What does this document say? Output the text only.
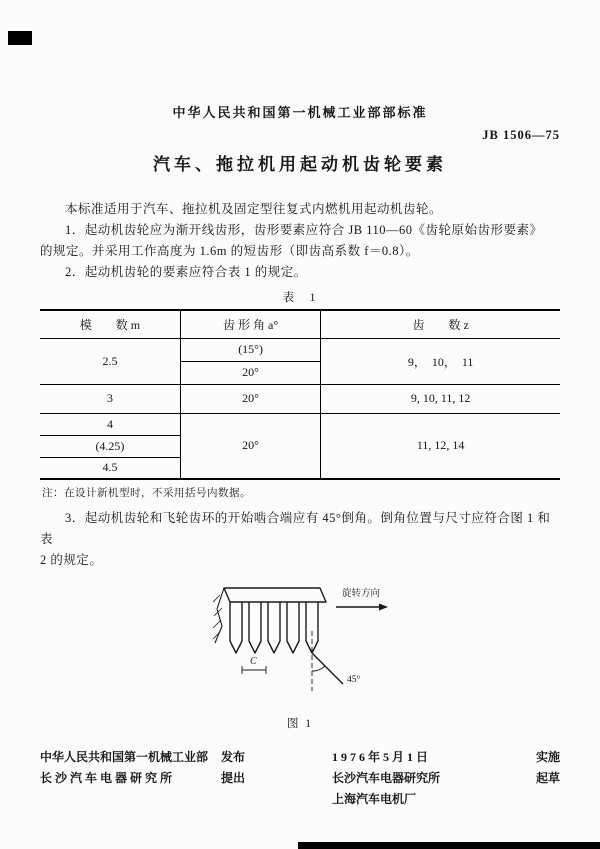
中华人民共和国第一机械工业部部标准
JB 1506—75
汽车、拖拉机用起动机齿轮要素

本标准适用于汽车、拖拉机及固定型往复式内燃机用起动机齿轮。

1．起动机齿轮应为渐开线齿形，齿形要素应符合 JB 110—60《齿轮原始齿形要素》

的规定。并采用工作高度为 1.6m 的短齿形（即齿高系数 f＝0.8）。

2．起动机齿轮的要素应符合表 1 的规定。

表　1
模　　数 m	齿 形 角 a°	齿　　数 z
2.5	(15°)	9，  10，  11
	20°	
3	20°	9, 10, 11, 12
4	20°	11, 12, 14
(4.25)		
4.5		
注：在设计新机型时，不采用括号内数据。

3．起动机齿轮和飞轮齿环的开始啮合端应有 45°倒角。倒角位置与尺寸应符合图 1 和表

2 的规定。

旋转方向
45°
C
图 1
中华人民共和国第一机械工业部 发布
长 沙 汽 车 电 器 研 究 所	提出
1 9 7 6 年 5 月 1 日	实施
长沙汽车电器研究所	起草
上海汽车电机厂
